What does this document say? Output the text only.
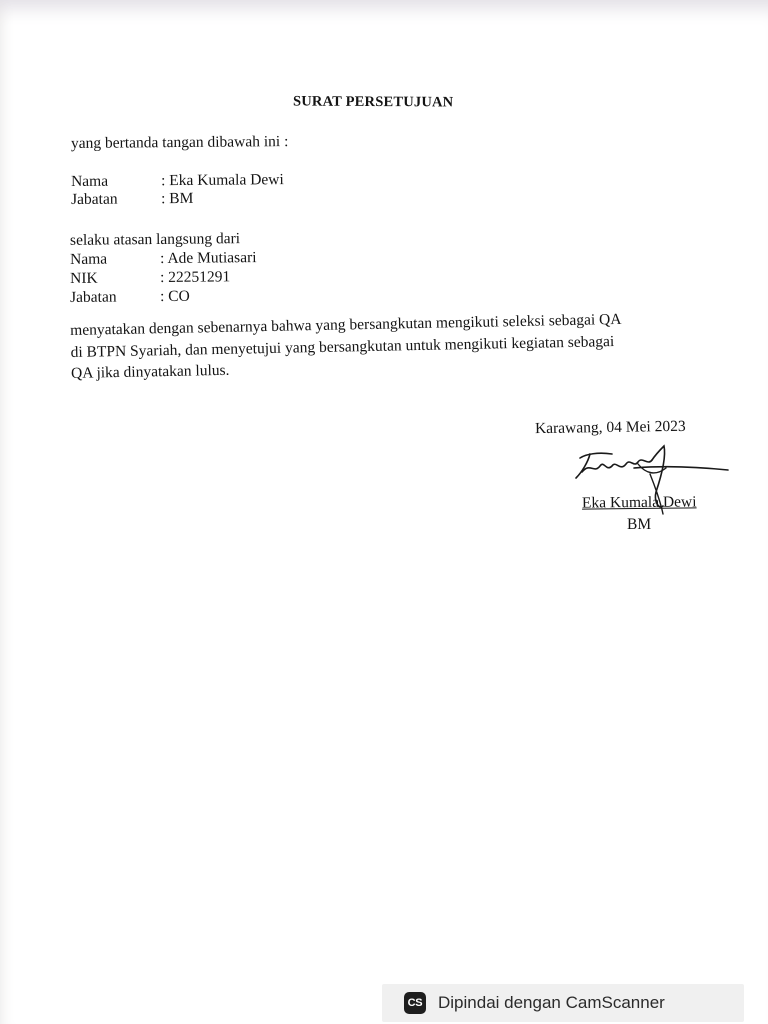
SURAT PERSETUJUAN
yang bertanda tangan dibawah ini :
Nama	: Eka Kumala Dewi
Jabatan	: BM
selaku atasan langsung dari
Nama	: Ade Mutiasari
NIK	: 22251291
Jabatan	: CO
menyatakan dengan sebenarnya bahwa yang bersangkutan mengikuti seleksi sebagai QA
di BTPN Syariah, dan menyetujui yang bersangkutan untuk mengikuti kegiatan sebagai
QA jika dinyatakan lulus.
Karawang, 04 Mei 2023
Eka Kumala Dewi
BM
CS Dipindai dengan CamScanner
